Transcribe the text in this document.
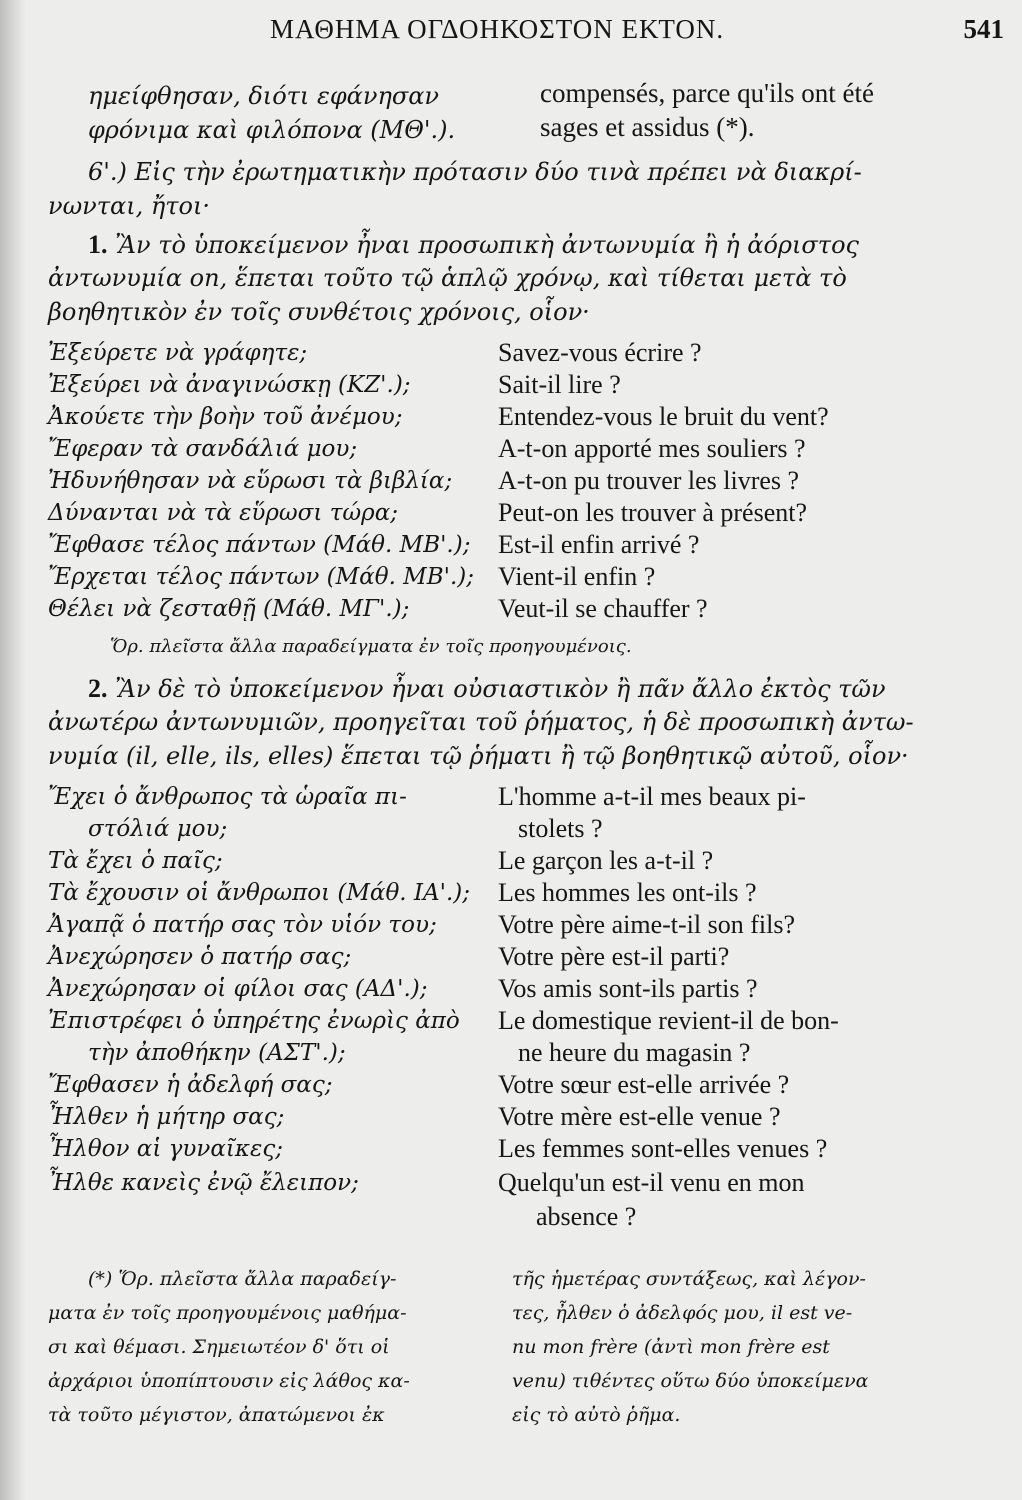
ΜΑΘΗΜΑ ΟΓΔΟΗΚΟΣΤΟΝ ΕΚΤΟΝ.	541
ημείφθησαν, διότι εφάνησαν
φρόνιμα καὶ φιλόπονα (ΜΘ'.).
compensés, parce qu'ils ont été
sages et assidus (*).
6'.) Εἰς τὴν ἐρωτηματικὴν πρότασιν δύο τινὰ πρέπει νὰ διακρί-
νωνται, ἤτοι·
1. Ἂν τὸ ὑποκείμενον ἦναι προσωπικὴ ἀντωνυμία ἢ ἡ ἀόριστος
ἀντωνυμία on, ἕπεται τοῦτο τῷ ἁπλῷ χρόνῳ, καὶ τίθεται μετὰ τὸ
βοηθητικὸν ἐν τοῖς συνθέτοις χρόνοις, οἷον·
Ἐξεύρετε νὰ γράφητε;	Savez-vous écrire ?
Ἐξεύρει νὰ ἀναγινώσκῃ (ΚΖ'.);	Sait-il lire ?
Ἀκούετε τὴν βοὴν τοῦ ἀνέμου;	Entendez-vous le bruit du vent?
Ἔφεραν τὰ σανδάλιά μου;	A-t-on apporté mes souliers ?
Ἠδυνήθησαν νὰ εὕρωσι τὰ βιβλία; A-t-on pu trouver les livres ?
Δύνανται νὰ τὰ εὕρωσι τώρα;	Peut-on les trouver à présent?
Ἔφθασε τέλος πάντων (Μάθ. ΜΒ'.); Est-il enfin arrivé ?
Ἔρχεται τέλος πάντων (Μάθ. ΜΒ'.); Vient-il enfin ?
Θέλει νὰ ζεσταθῇ (Μάθ. ΜΓ'.);	Veut-il se chauffer ?
Ὅρ. πλεῖστα ἄλλα παραδείγματα ἐν τοῖς προηγουμένοις.
2. Ἂν δὲ τὸ ὑποκείμενον ἦναι οὐσιαστικὸν ἢ πᾶν ἄλλο ἐκτὸς τῶν
ἀνωτέρω ἀντωνυμιῶν, προηγεῖται τοῦ ῥήματος, ἡ δὲ προσωπικὴ ἀντω-
νυμία (il, elle, ils, elles) ἕπεται τῷ ῥήματι ἢ τῷ βοηθητικῷ αὐτοῦ, οἷον·
Ἔχει ὁ ἄνθρωπος τὰ ὡραῖα πι-	L'homme a-t-il mes beaux pi-
στόλιά μου;	stolets ?
Τὰ ἔχει ὁ παῖς;	Le garçon les a-t-il ?
Τὰ ἔχουσιν οἱ ἄνθρωποι (Μάθ. ΙΑ'.); Les hommes les ont-ils ?
Ἀγαπᾷ ὁ πατήρ σας τὸν υἱόν του; Votre père aime-t-il son fils?
Ἀνεχώρησεν ὁ πατήρ σας;	Votre père est-il parti?
Ἀνεχώρησαν οἱ φίλοι σας (ΑΔ'.);	Vos amis sont-ils partis ?
Ἐπιστρέφει ὁ ὑπηρέτης ἐνωρὶς ἀπὸ Le domestique revient-il de bon-
τὴν ἀποθήκην (ΑΣΤ'.);	ne heure du magasin ?
Ἔφθασεν ἡ ἀδελφή σας;	Votre sœur est-elle arrivée ?
Ἦλθεν ἡ μήτηρ σας;	Votre mère est-elle venue ?
Ἦλθον αἱ γυναῖκες;	Les femmes sont-elles venues ?
Ἦλθε κανεὶς ἐνῷ ἔλειπον;	Quelqu'un est-il venu en mon
absence ?
(*) Ὅρ. πλεῖστα ἄλλα παραδείγ-
ματα ἐν τοῖς προηγουμένοις μαθήμα-
σι καὶ θέμασι. Σημειωτέον δ' ὅτι οἱ
ἀρχάριοι ὑποπίπτουσιν εἰς λάθος κα-
τὰ τοῦτο μέγιστον, ἀπατώμενοι ἐκ
τῆς ἡμετέρας συντάξεως, καὶ λέγον-
τες, ἦλθεν ὁ ἀδελφός μου, il est ve-
nu mon frère (ἀντὶ mon frère est
venu) τιθέντες οὕτω δύο ὑποκείμενα
εἰς τὸ αὐτὸ ῥῆμα.
